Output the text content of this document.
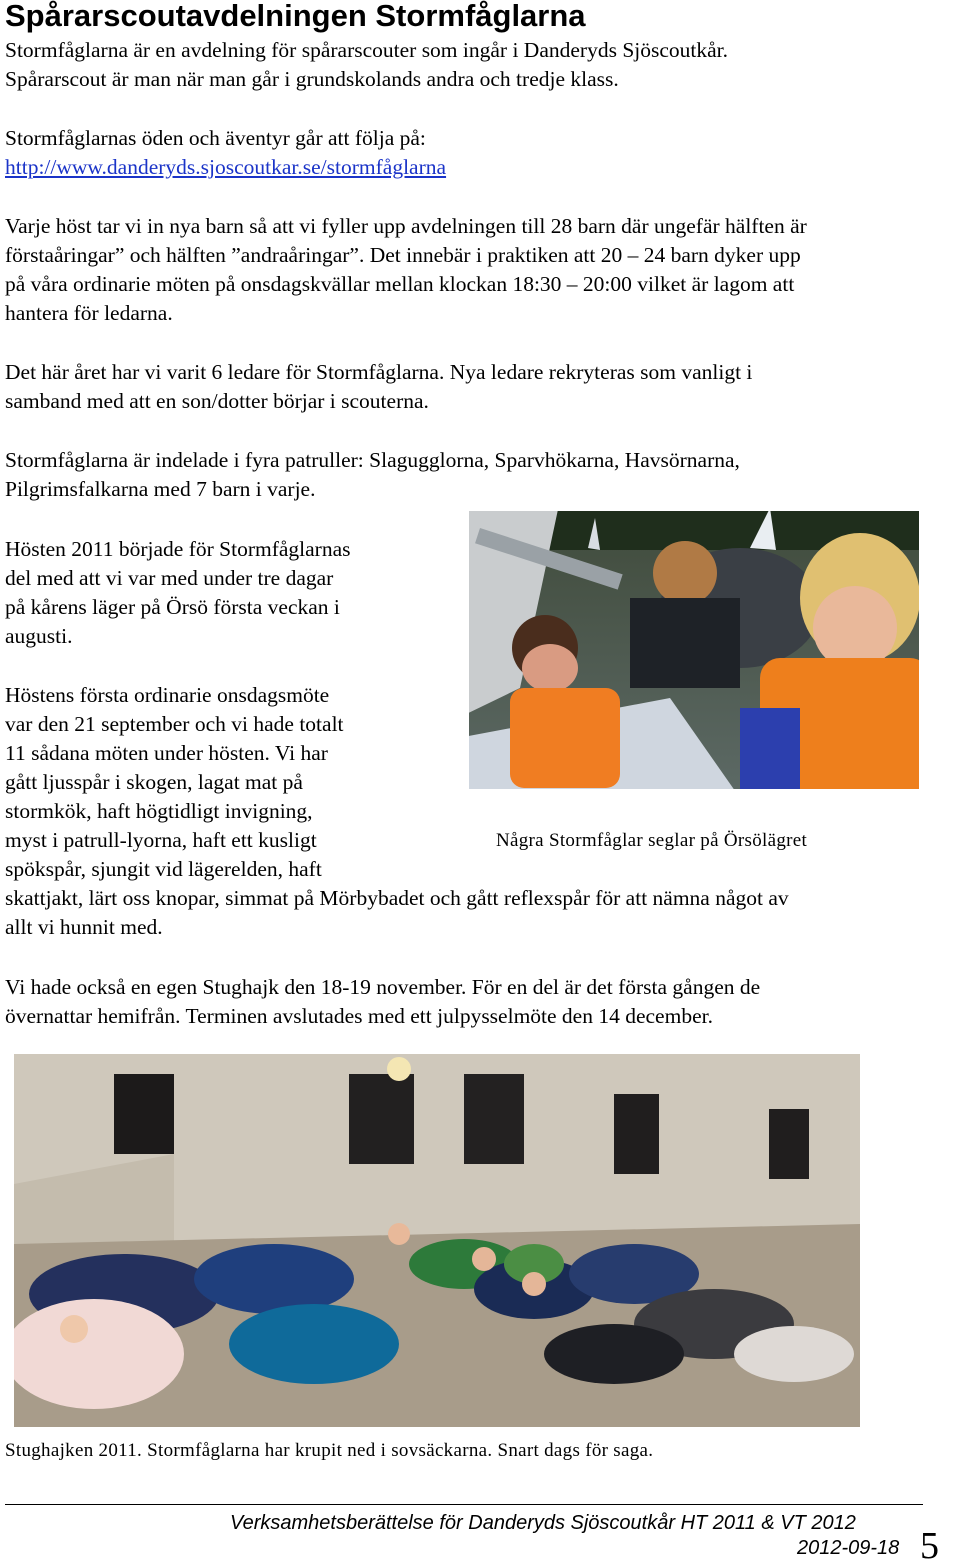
Spårarscoutavdelningen Stormfåglarna
Stormfåglarna är en avdelning för spårarscouter som ingår i Danderyds Sjöscoutkår.
Spårarscout är man när man går i grundskolands andra och tredje klass.
Stormfåglarnas öden och äventyr går att följa på:
http://www.danderyds.sjoscoutkar.se/stormfåglarna
Varje höst tar vi in nya barn så att vi fyller upp avdelningen till 28 barn där ungefär hälften är
förstaåringar” och hälften ”andraåringar”. Det innebär i praktiken att 20 – 24 barn dyker upp
på våra ordinarie möten på onsdagskvällar mellan klockan 18:30 – 20:00 vilket är lagom att
hantera för ledarna.
Det här året har vi varit 6 ledare för Stormfåglarna. Nya ledare rekryteras som vanligt i
samband med att en son/dotter börjar i scouterna.
Stormfåglarna är indelade i fyra patruller: Slagugglorna, Sparvhökarna, Havsörnarna,
Pilgrimsfalkarna med 7 barn i varje.
Hösten 2011 började för Stormfåglarnas
del med att vi var med under tre dagar
på kårens läger på Örsö första veckan i
augusti.
Höstens första ordinarie onsdagsmöte
var den 21 september och vi hade totalt
11 sådana möten under hösten. Vi har
gått ljusspår i skogen, lagat mat på
stormkök, haft högtidligt invigning,
myst i patrull-lyorna, haft ett kusligt
spökspår, sjungit vid lägerelden, haft
skattjakt, lärt oss knopar, simmat på Mörbybadet och gått reflexspår för att nämna något av
allt vi hunnit med.
Vi hade också en egen Stughajk den 18-19 november. För en del är det första gången de
övernattar hemifrån. Terminen avslutades med ett julpysselmöte den 14 december.
Några Stormfåglar seglar på Örsölägret
Stughajken 2011. Stormfåglarna har krupit ned i sovsäckarna. Snart dags för saga.
Verksamhetsberättelse för Danderyds Sjöscoutkår HT 2011 & VT 2012
2012-09-18 5
